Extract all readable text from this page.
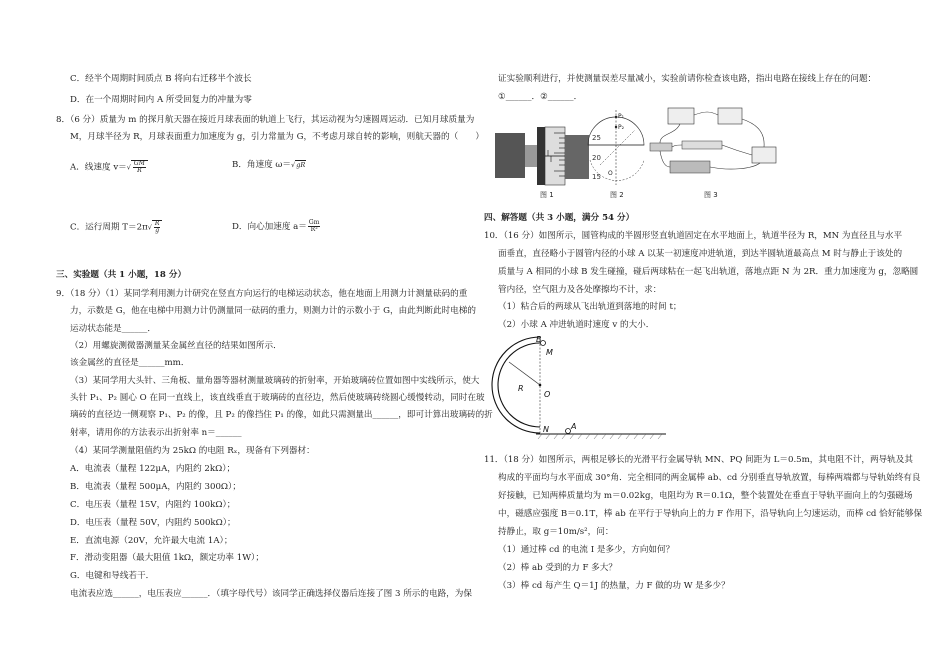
C．经半个周期时间质点 B 将向右迁移半个波长
D．在一个周期时间内 A 所受回复力的冲量为零
8．（6 分）质量为 m 的探月航天器在接近月球表面的轨道上飞行，其运动视为匀速圆周运动．已知月球质量为
M，月球半径为 R，月球表面重力加速度为 g，引力常量为 G，不考虑月球自转的影响，则航天器的（　　）
A．线速度 $v=√ \frac{GM}{R}$	B．角速度 ω＝√gR
C．运行周期 $T=2\pi√ \frac{R}{g}$	D．向心加速度 $a= \frac{Gm}{\text{R²}}$
三、实验题（共 1 小题，18 分）
9．（18 分）（1）某同学利用测力计研究在竖直方向运行的电梯运动状态，他在地面上用测力计测量砝码的重
力，示数是 G，他在电梯中用测力计仍测量同一砝码的重力，则测力计的示数小于 G，由此判断此时电梯的
运动状态能是______．
（2）用螺旋测微器测量某金属丝直径的结果如图所示．
该金属丝的直径是______mm．
（3）某同学用大头针、三角板、量角器等器材测量玻璃砖的折射率，开始玻璃砖位置如图中实线所示，使大
头针 P₁、P₂ 圆心 O 在同一直线上，该直线垂直于玻璃砖的直径边，然后使玻璃砖绕圆心缓慢转动，同时在玻
璃砖的直径边一侧观察 P₁、P₂ 的像，且 P₂ 的像挡住 P₁ 的像，如此只需测量出______，即可计算出玻璃砖的折
射率，请用你的方法表示出折射率 n＝______
（4）某同学测量阻值约为 25kΩ 的电阻 Rₓ，现备有下列器材：
A．电流表（量程 122μA，内阻约 2kΩ）；
B．电流表（量程 500μA，内阻约 300Ω）；
C．电压表（量程 15V，内阻约 100kΩ）；
D．电压表（量程 50V，内阻约 500kΩ）；
E．直流电源（20V，允许最大电流 1A）；
F．滑动变阻器（最大阻值 1kΩ，额定功率 1W）；
G．电键和导线若干．
电流表应选______，电压表应______．（填字母代号）该同学正确选择仪器后连接了图 3 所示的电路，为保
证实验顺利进行，并使测量误差尽量减小，实验前请你检查该电路，指出电路在接线上存在的问题：
①______．②______．
25
20
15
图 1
P₁
P₂
O
图 2	图 3
四、解答题（共 3 小题，满分 54 分）
10．（16 分）如图所示，圆管构成的半圆形竖直轨道固定在水平地面上，轨道半径为 R，MN 为直径且与水平
面垂直，直径略小于圆管内径的小球 A 以某一初速度冲进轨道，到达半圆轨道最高点 M 时与静止于该处的
质量与 A 相同的小球 B 发生碰撞，碰后两球粘在一起飞出轨道，落地点距 N 为 2R．重力加速度为 g，忽略圆
管内径，空气阻力及各处摩擦均不计，求：
（1）粘合后的两球从飞出轨道到落地的时间 t；
（2）小球 A 冲进轨道时速度 v 的大小．
B
M
R
O
N	A
11．（18 分）如图所示，两根足够长的光滑平行金属导轨 MN、PQ 间距为 L＝0.5m，其电阻不计，两导轨及其
构成的平面均与水平面成 30°角．完全相同的两金属棒 ab、cd 分别垂直导轨放置，每棒两端都与导轨始终有良
好接触，已知两棒质量均为 m＝0.02kg，电阻均为 R＝0.1Ω，整个装置处在垂直于导轨平面向上的匀强磁场
中，磁感应强度 B＝0.1T，棒 ab 在平行于导轨向上的力 F 作用下，沿导轨向上匀速运动，而棒 cd 恰好能够保
持静止，取 g＝10m/s²，问：
（1）通过棒 cd 的电流 I 是多少，方向如何？
（2）棒 ab 受到的力 F 多大？
（3）棒 cd 每产生 Q＝1J 的热量，力 F 做的功 W 是多少？
